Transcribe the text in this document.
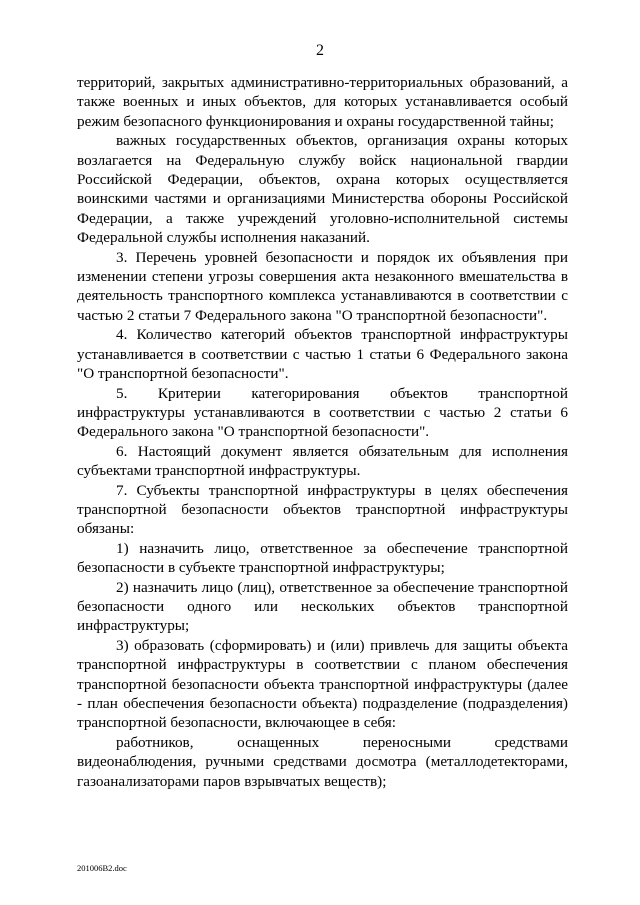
2

территорий, закрытых административно-территориальных образований, а также военных и иных объектов, для которых устанавливается особый режим безопасного функционирования и охраны государственной тайны;

важных государственных объектов, организация охраны которых возлагается на Федеральную службу войск национальной гвардии Российской Федерации, объектов, охрана которых осуществляется воинскими частями и организациями Министерства обороны Российской Федерации, а также учреждений уголовно-исполнительной системы Федеральной службы исполнения наказаний.

3. Перечень уровней безопасности и порядок их объявления при изменении степени угрозы совершения акта незаконного вмешательства в деятельность транспортного комплекса устанавливаются в соответствии с частью 2 статьи 7 Федерального закона "О транспортной безопасности".

4. Количество категорий объектов транспортной инфраструктуры устанавливается в соответствии с частью 1 статьи 6 Федерального закона "О транспортной безопасности".

5. Критерии категорирования объектов транспортной инфраструктуры устанавливаются в соответствии с частью 2 статьи 6 Федерального закона "О транспортной безопасности".

6. Настоящий документ является обязательным для исполнения субъектами транспортной инфраструктуры.

7. Субъекты транспортной инфраструктуры в целях обеспечения транспортной безопасности объектов транспортной инфраструктуры обязаны:

1) назначить лицо, ответственное за обеспечение транспортной безопасности в субъекте транспортной инфраструктуры;

2) назначить лицо (лиц), ответственное за обеспечение транспортной безопасности одного или нескольких объектов транспортной инфраструктуры;

3) образовать (сформировать) и (или) привлечь для защиты объекта транспортной инфраструктуры в соответствии с планом обеспечения транспортной безопасности объекта транспортной инфраструктуры (далее - план обеспечения безопасности объекта) подразделение (подразделения) транспортной безопасности, включающее в себя:

работников, оснащенных переносными средствами видеонаблюдения, ручными средствами досмотра (металлодетекторами, газоанализаторами паров взрывчатых веществ);

201006B2.doc
